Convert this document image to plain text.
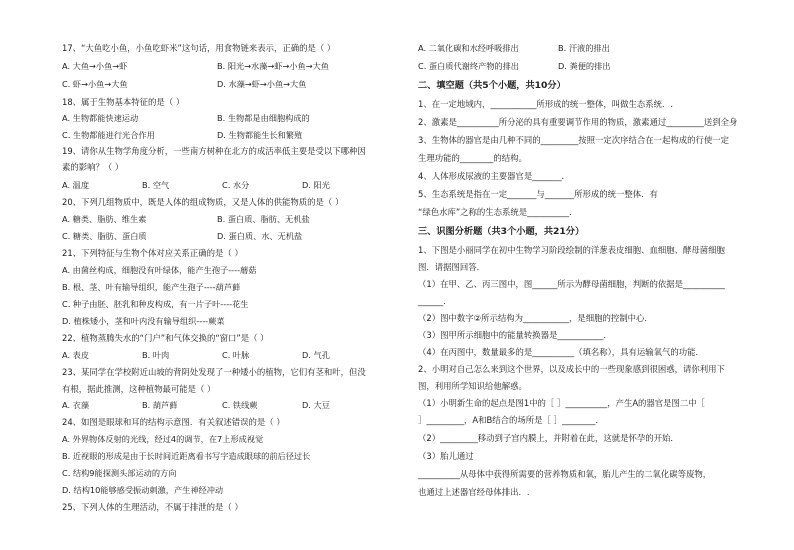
17、“大鱼吃小鱼，小鱼吃虾米”这句话，用食物链来表示，正确的是（ ）
A. 大鱼→小鱼→虾	B. 阳光→水藻→虾→小鱼→大鱼
C. 虾→小鱼→大鱼	D. 水藻→虾→小鱼→大鱼
18、属于生物基本特征的是（ ）
A. 生物都能快速运动	B. 生物都是由细胞构成的
C. 生物都能进行光合作用	D. 生物都能生长和繁殖
19、请你从生物学角度分析，一些南方树种在北方的成活率低主要是受以下哪种因
素的影响？（ ）
A. 温度	B. 空气	C. 水分	D. 阳光
20、下列几组物质中，既是人体的组成物质，又是人体的供能物质的是（ ）
A. 糖类、脂肪、维生素	B. 蛋白质、脂肪、无机盐
C. 糖类、脂肪、蛋白质	D. 蛋白质、水、无机盐
21、下列特征与生物个体对应关系正确的是（ ）
A. 由菌丝构成，细胞没有叶绿体，能产生孢子----蘑菇
B. 根、茎、叶有输导组织，能产生孢子----葫芦藓
C. 种子由胚、胚乳和种皮构成，有一片子叶----花生
D. 植株矮小，茎和叶内没有输导组织----蕨菜
22、植物蒸腾失水的“门户”和气体交换的“窗口”是（ ）
A. 表皮	B. 叶肉	C. 叶脉	D. 气孔
23、某同学在学校附近山坡的背阴处发现了一种矮小的植物，它们有茎和叶，但没
有根，据此推测，这种植物最可能是（ ）
A. 衣藻	B. 葫芦藓	C. 铁线蕨	D. 大豆
24、如图是眼球和耳的结构示意图．有关叙述错误的是（ ）
A. 外界物体反射的光线，经过4的调节，在7上形成视觉
B. 近视眼的形成是由于长时间近距离看书写字造成眼球的前后径过长
C. 结构9能探测头部运动的方向
D. 结构10能够感受振动刺激，产生神经冲动
25、下列人体的生理活动，不属于排泄的是（ ）
A. 二氧化碳和水经呼吸排出	B. 汗液的排出
C. 蛋白质代谢终产物的排出	D. 粪便的排出
二、填空题（共5个小题，共10分）
1、在一定地域内，___________所形成的统一整体，叫做生态系统．.
2、激素是__________所分泌的具有重要调节作用的物质，激素通过_________送到全身
3、生物体的器官是由几种不同的_________按照一定次序结合在一起构成的行使一定
生理功能的________的结构。
4、人体形成尿液的主要器官是_______.
5、生态系统是指在一定_______与_______所形成的统一整体．有
“绿色水库”之称的生态系统是__________．
三、识图分析题（共3个小题，共21分）
1、下图是小丽同学在初中生物学习阶段绘制的洋葱表皮细胞、血细胞、酵母菌细胞
图．请据图回答．
（1）在甲、乙、丙三图中，图______所示为酵母菌细胞，判断的依据是__________
______．
（2）图中数字②所示结构为___________，是细胞的控制中心．
（3）图甲所示细胞中的能量转换器是___________．
（4）在丙图中，数量最多的是__________（填名称），具有运输氧气的功能．
2、小明对自己怎么来到这个世界，以及成长中的一些现象感到很困惑，请你利用下
图，利用所学知识给他解惑。
（1）小明新生命的起点是图1中的［ ］__________，产生A的器官是图二中［
］_________，A和B结合的场所是［ ］________．
（2）_________移动到子宫内膜上，并附着在此，这就是怀孕的开始．
（3）胎儿通过
__________从母体中获得所需要的营养物质和氧，胎儿产生的二氧化碳等废物，
也通过上述器官经母体排出．.
